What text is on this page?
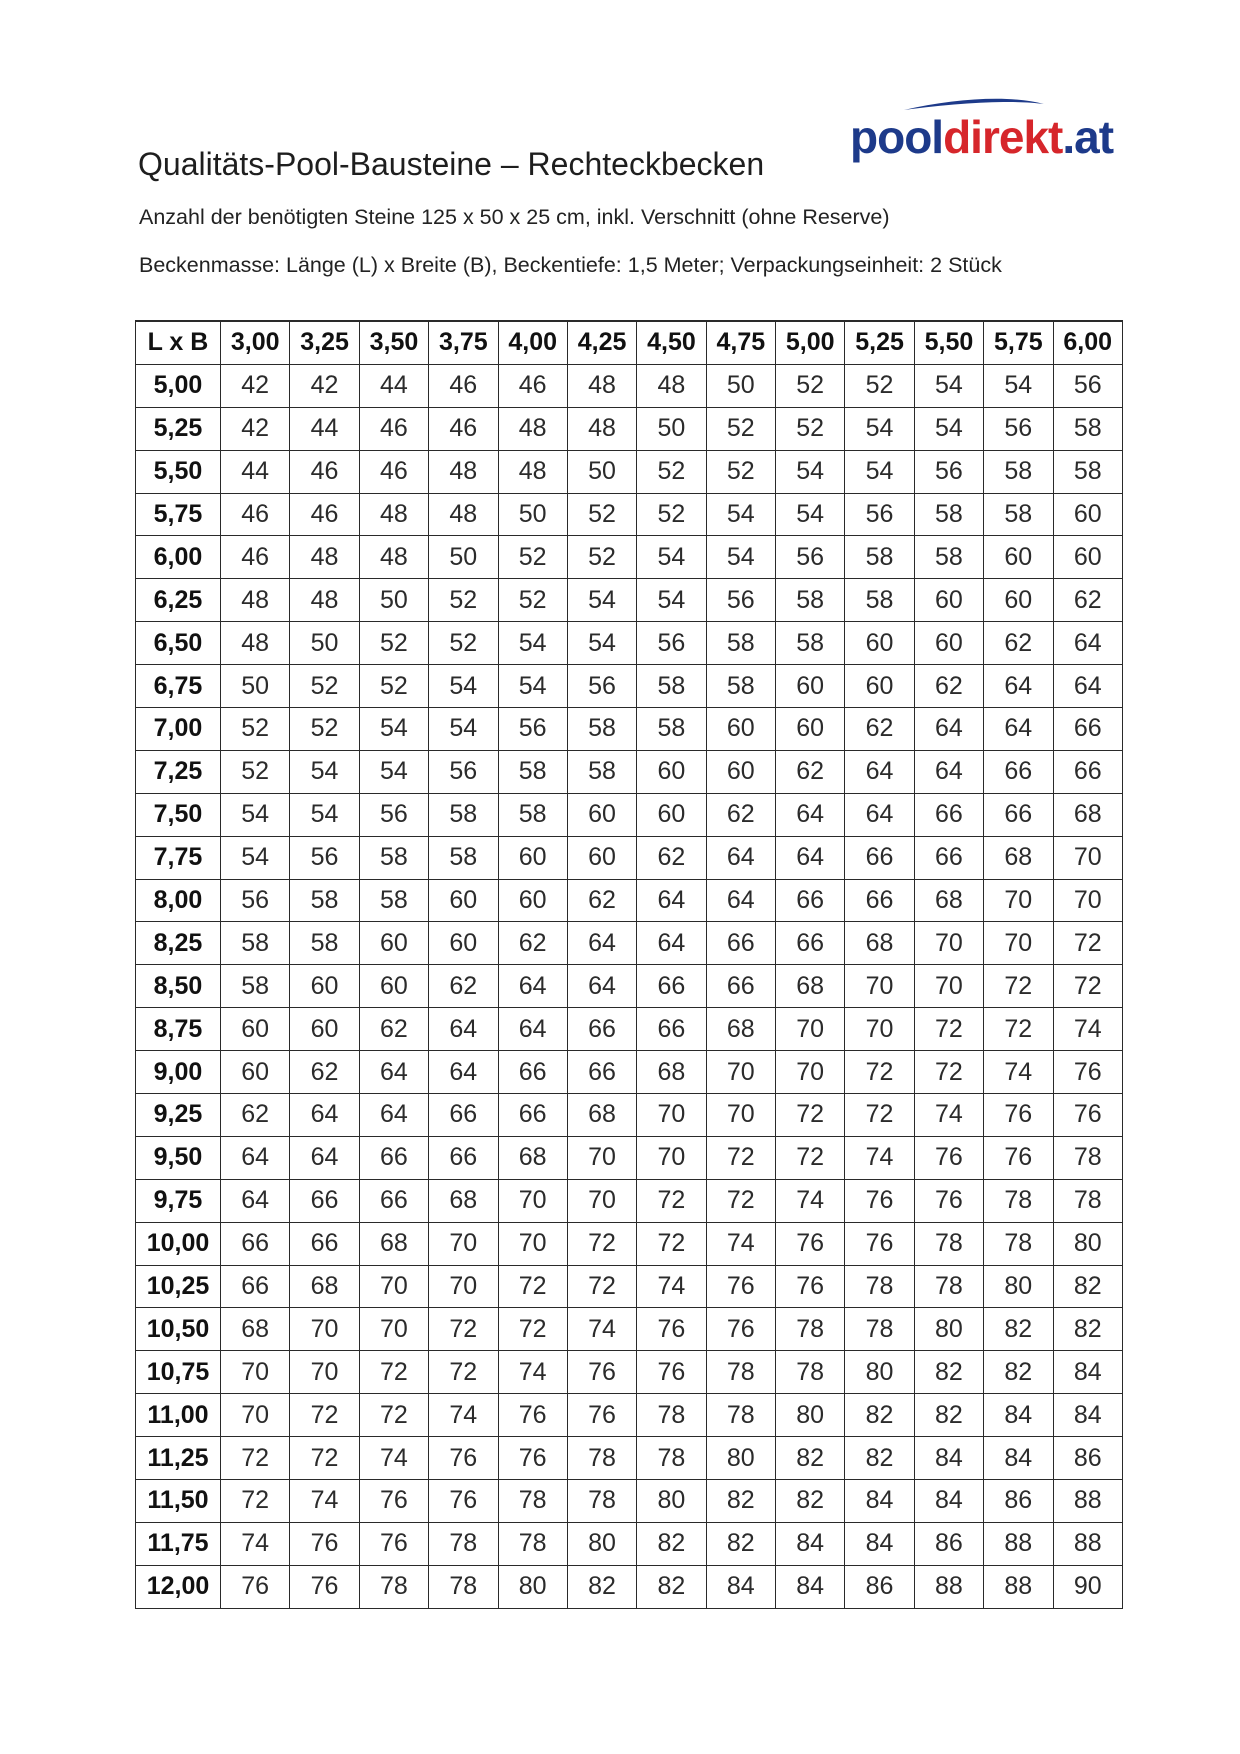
pooldirekt.at
Qualitäts-Pool-Bausteine – Rechteckbecken
Anzahl der benötigten Steine 125 x 50 x 25 cm, inkl. Verschnitt (ohne Reserve)
Beckenmasse: Länge (L) x Breite (B), Beckentiefe: 1,5 Meter; Verpackungseinheit: 2 Stück
L x B	3,00	3,25	3,50	3,75	4,00	4,25	4,50	4,75	5,00	5,25	5,50	5,75	6,00
5,00	42	42	44	46	46	48	48	50	52	52	54	54	56
5,25	42	44	46	46	48	48	50	52	52	54	54	56	58
5,50	44	46	46	48	48	50	52	52	54	54	56	58	58
5,75	46	46	48	48	50	52	52	54	54	56	58	58	60
6,00	46	48	48	50	52	52	54	54	56	58	58	60	60
6,25	48	48	50	52	52	54	54	56	58	58	60	60	62
6,50	48	50	52	52	54	54	56	58	58	60	60	62	64
6,75	50	52	52	54	54	56	58	58	60	60	62	64	64
7,00	52	52	54	54	56	58	58	60	60	62	64	64	66
7,25	52	54	54	56	58	58	60	60	62	64	64	66	66
7,50	54	54	56	58	58	60	60	62	64	64	66	66	68
7,75	54	56	58	58	60	60	62	64	64	66	66	68	70
8,00	56	58	58	60	60	62	64	64	66	66	68	70	70
8,25	58	58	60	60	62	64	64	66	66	68	70	70	72
8,50	58	60	60	62	64	64	66	66	68	70	70	72	72
8,75	60	60	62	64	64	66	66	68	70	70	72	72	74
9,00	60	62	64	64	66	66	68	70	70	72	72	74	76
9,25	62	64	64	66	66	68	70	70	72	72	74	76	76
9,50	64	64	66	66	68	70	70	72	72	74	76	76	78
9,75	64	66	66	68	70	70	72	72	74	76	76	78	78
10,00	66	66	68	70	70	72	72	74	76	76	78	78	80
10,25	66	68	70	70	72	72	74	76	76	78	78	80	82
10,50	68	70	70	72	72	74	76	76	78	78	80	82	82
10,75	70	70	72	72	74	76	76	78	78	80	82	82	84
11,00	70	72	72	74	76	76	78	78	80	82	82	84	84
11,25	72	72	74	76	76	78	78	80	82	82	84	84	86
11,50	72	74	76	76	78	78	80	82	82	84	84	86	88
11,75	74	76	76	78	78	80	82	82	84	84	86	88	88
12,00	76	76	78	78	80	82	82	84	84	86	88	88	90
